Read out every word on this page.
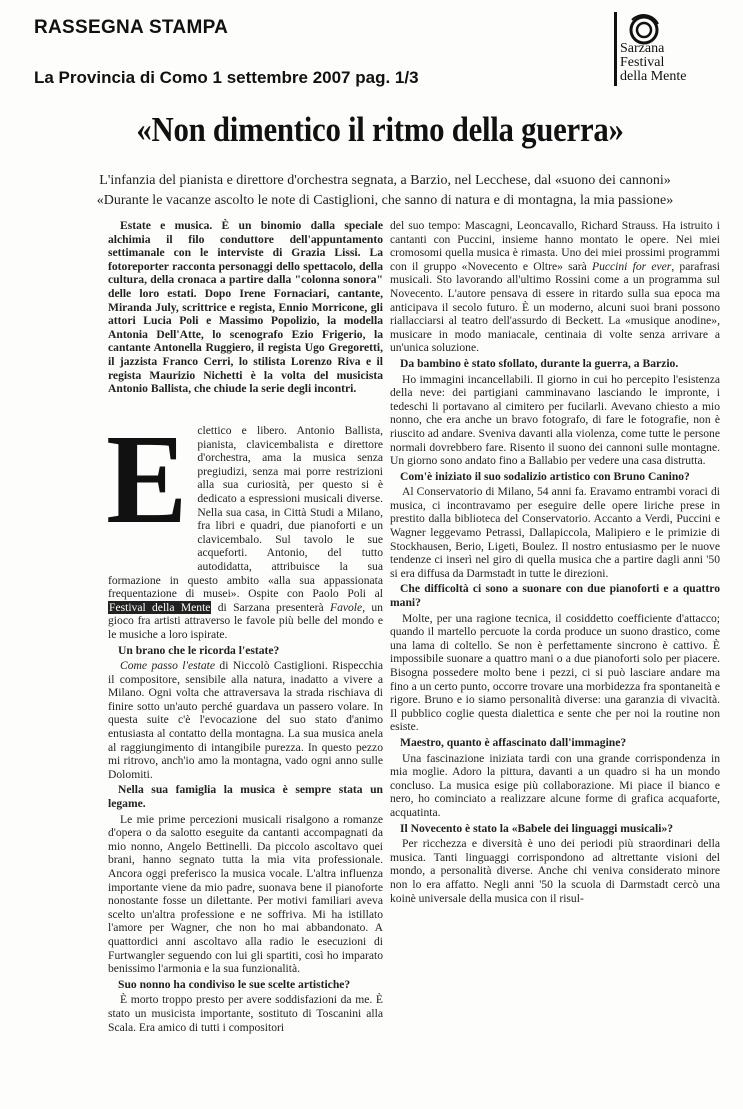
RASSEGNA STAMPA
La Provincia di Como 1 settembre 2007 pag. 1/3
Sarzana
Festival
della Mente
«Non dimentico il ritmo della guerra»
L'infanzia del pianista e direttore d'orchestra segnata, a Barzio, nel Lecchese, dal «suono dei cannoni»
«Durante le vacanze ascolto le note di Castiglioni, che sanno di natura e di montagna, la mia passione»

Estate e musica. È un binomio dalla speciale alchimia il filo conduttore dell'appuntamento settimanale con le interviste di Grazia Lissi. La fotoreporter racconta personaggi dello spettacolo, della cultura, della cronaca a partire dalla "colonna sonora" delle loro estati. Dopo Irene Fornaciari, cantante, Miranda July, scrittrice e regista, Ennio Morricone, gli attori Lucia Poli e Massimo Popolizio, la modella Antonia Dell'Atte, lo scenografo Ezio Frigerio, la cantante Antonella Ruggiero, il regista Ugo Gregoretti, il jazzista Franco Cerri, lo stilista Lorenzo Riva e il regista Maurizio Nichetti è la volta del musicista Antonio Ballista, che chiude la serie degli incontri.

E clettico e libero. Antonio Ballista, pianista, clavicembalista e direttore d'orchestra, ama la musica senza pregiudizi, senza mai porre restrizioni alla sua curiosità, per questo si è dedicato a espressioni musicali diverse. Nella sua casa, in Città Studi a Milano, fra libri e quadri, due pianoforti e un clavicembalo. Sul tavolo le sue acqueforti. Antonio, del tutto autodidatta, attribuisce la sua formazione in questo ambito «alla sua appassionata frequentazione di musei». Ospite con Paolo Poli al Festival della Mente di Sarzana presenterà Favole, un gioco fra artisti attraverso le favole più belle del mondo e le musiche a loro ispirate.

Un brano che le ricorda l'estate?

Come passo l'estate di Niccolò Castiglioni. Rispecchia il compositore, sensibile alla natura, inadatto a vivere a Milano. Ogni volta che attraversava la strada rischiava di finire sotto un'auto perché guardava un passero volare. In questa suite c'è l'evocazione del suo stato d'animo entusiasta al contatto della montagna. La sua musica anela al raggiungimento di intangibile purezza. In questo pezzo mi ritrovo, anch'io amo la montagna, vado ogni anno sulle Dolomiti.

Nella sua famiglia la musica è sempre stata un legame.

Le mie prime percezioni musicali risalgono a romanze d'opera o da salotto eseguite da cantanti accompagnati da mio nonno, Angelo Bettinelli. Da piccolo ascoltavo quei brani, hanno segnato tutta la mia vita professionale. Ancora oggi preferisco la musica vocale. L'altra influenza importante viene da mio padre, suonava bene il pianoforte nonostante fosse un dilettante. Per motivi familiari aveva scelto un'altra professione e ne soffriva. Mi ha istillato l'amore per Wagner, che non ho mai abbandonato. A quattordici anni ascoltavo alla radio le esecuzioni di Furtwangler seguendo con lui gli spartiti, così ho imparato benissimo l'armonia e la sua funzionalità.

Suo nonno ha condiviso le sue scelte artistiche?

È morto troppo presto per avere soddisfazioni da me. È stato un musicista importante, sostituto di Toscanini alla Scala. Era amico di tutti i compositori

del suo tempo: Mascagni, Leoncavallo, Richard Strauss. Ha istruito i cantanti con Puccini, insieme hanno montato le opere. Nei miei cromosomi quella musica è rimasta. Uno dei miei prossimi programmi con il gruppo «Novecento e Oltre» sarà Puccini for ever, parafrasi musicali. Sto lavorando all'ultimo Rossini come a un programma sul Novecento. L'autore pensava di essere in ritardo sulla sua epoca ma anticipava il secolo futuro. È un moderno, alcuni suoi brani possono riallacciarsi al teatro dell'assurdo di Beckett. La «musique anodine», musicare in modo maniacale, centinaia di volte senza arrivare a un'unica soluzione.

Da bambino è stato sfollato, durante la guerra, a Barzio.

Ho immagini incancellabili. Il giorno in cui ho percepito l'esistenza della neve: dei partigiani camminavano lasciando le impronte, i tedeschi li portavano al cimitero per fucilarli. Avevano chiesto a mio nonno, che era anche un bravo fotografo, di fare le fotografie, non è riuscito ad andare. Sveniva davanti alla violenza, come tutte le persone normali dovrebbero fare. Risento il suono dei cannoni sulle montagne. Un giorno sono andato fino a Ballabio per vedere una casa distrutta.

Com'è iniziato il suo sodalizio artistico con Bruno Canino?

Al Conservatorio di Milano, 54 anni fa. Eravamo entrambi voraci di musica, ci incontravamo per eseguire delle opere liriche prese in prestito dalla biblioteca del Conservatorio. Accanto a Verdi, Puccini e Wagner leggevamo Petrassi, Dallapiccola, Malipiero e le primizie di Stockhausen, Berio, Ligeti, Boulez. Il nostro entusiasmo per le nuove tendenze ci inserì nel giro di quella musica che a partire dagli anni '50 si era diffusa da Darmstadt in tutte le direzioni.

Che difficoltà ci sono a suonare con due pianoforti e a quattro mani?

Molte, per una ragione tecnica, il cosiddetto coefficiente d'attacco; quando il martello percuote la corda produce un suono drastico, come una lama di coltello. Se non è perfettamente sincrono è cattivo. È impossibile suonare a quattro mani o a due pianoforti solo per piacere. Bisogna possedere molto bene i pezzi, ci si può lasciare andare ma fino a un certo punto, occorre trovare una morbidezza fra spontaneità e rigore. Bruno e io siamo personalità diverse: una garanzia di vivacità. Il pubblico coglie questa dialettica e sente che per noi la routine non esiste.

Maestro, quanto è affascinato dall'immagine?

Una fascinazione iniziata tardi con una grande corrispondenza in mia moglie. Adoro la pittura, davanti a un quadro si ha un mondo concluso. La musica esige più collaborazione. Mi piace il bianco e nero, ho cominciato a realizzare alcune forme di grafica acquaforte, acquatinta.

Il Novecento è stato la «Babele dei linguaggi musicali»?

Per ricchezza e diversità è uno dei periodi più straordinari della musica. Tanti linguaggi corrispondono ad altrettante visioni del mondo, a personalità diverse. Anche chi veniva considerato minore non lo era affatto. Negli anni '50 la scuola di Darmstadt cercò una koinè universale della musica con il risul-
